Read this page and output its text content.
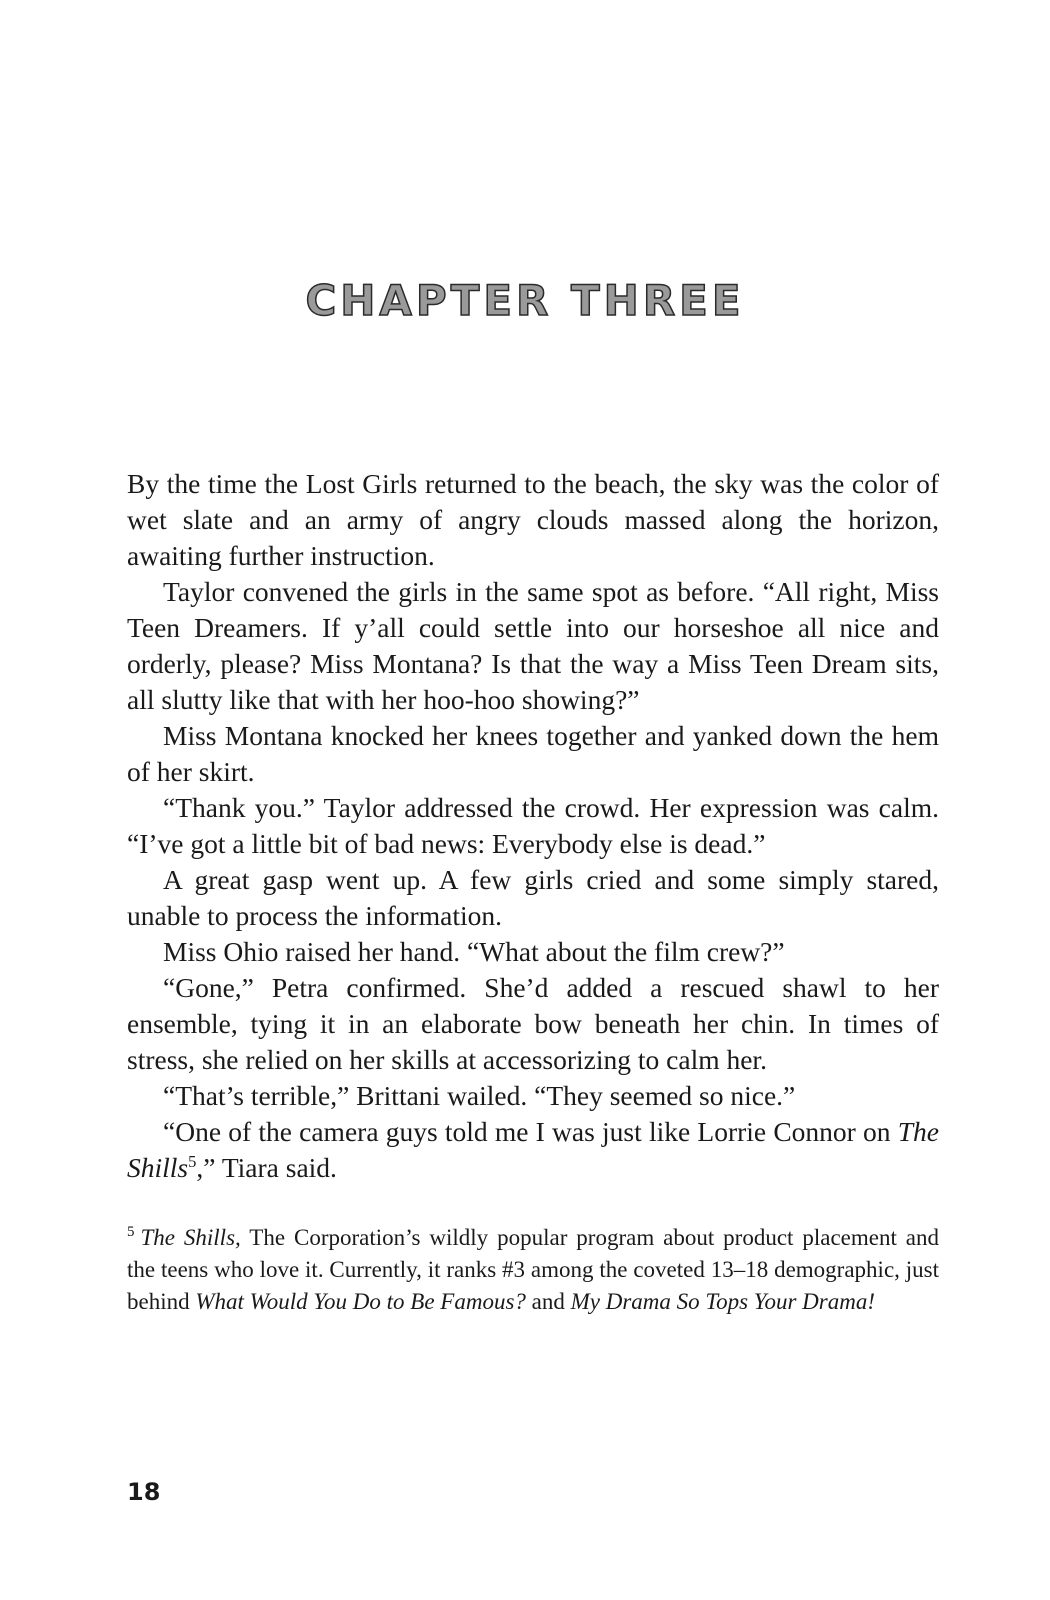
CHAPTER THREE

By the time the Lost Girls returned to the beach, the sky was the color of wet slate and an army of angry clouds massed along the horizon, awaiting further instruction.

Taylor convened the girls in the same spot as before. “All right, Miss Teen Dreamers. If y’all could settle into our horseshoe all nice and orderly, please? Miss Montana? Is that the way a Miss Teen Dream sits, all slutty like that with her hoo-hoo showing?”

Miss Montana knocked her knees together and yanked down the hem of her skirt.

“Thank you.” Taylor addressed the crowd. Her expression was calm. “I’ve got a little bit of bad news: Everybody else is dead.”

A great gasp went up. A few girls cried and some simply stared, unable to process the information.

Miss Ohio raised her hand. “What about the film crew?”

“Gone,” Petra confirmed. She’d added a rescued shawl to her ensemble, tying it in an elaborate bow beneath her chin. In times of stress, she relied on her skills at accessorizing to calm her.

“That’s terrible,” Brittani wailed. “They seemed so nice.”

“One of the camera guys told me I was just like Lorrie Connor on The Shills$^5$,” Tiara said.

$^5$ The Shills, The Corporation’s wildly popular program about product placement and the teens who love it. Currently, it ranks #3 among the coveted 13–18 demographic, just behind What Would You Do to Be Famous? and My Drama So Tops Your Drama!

18
